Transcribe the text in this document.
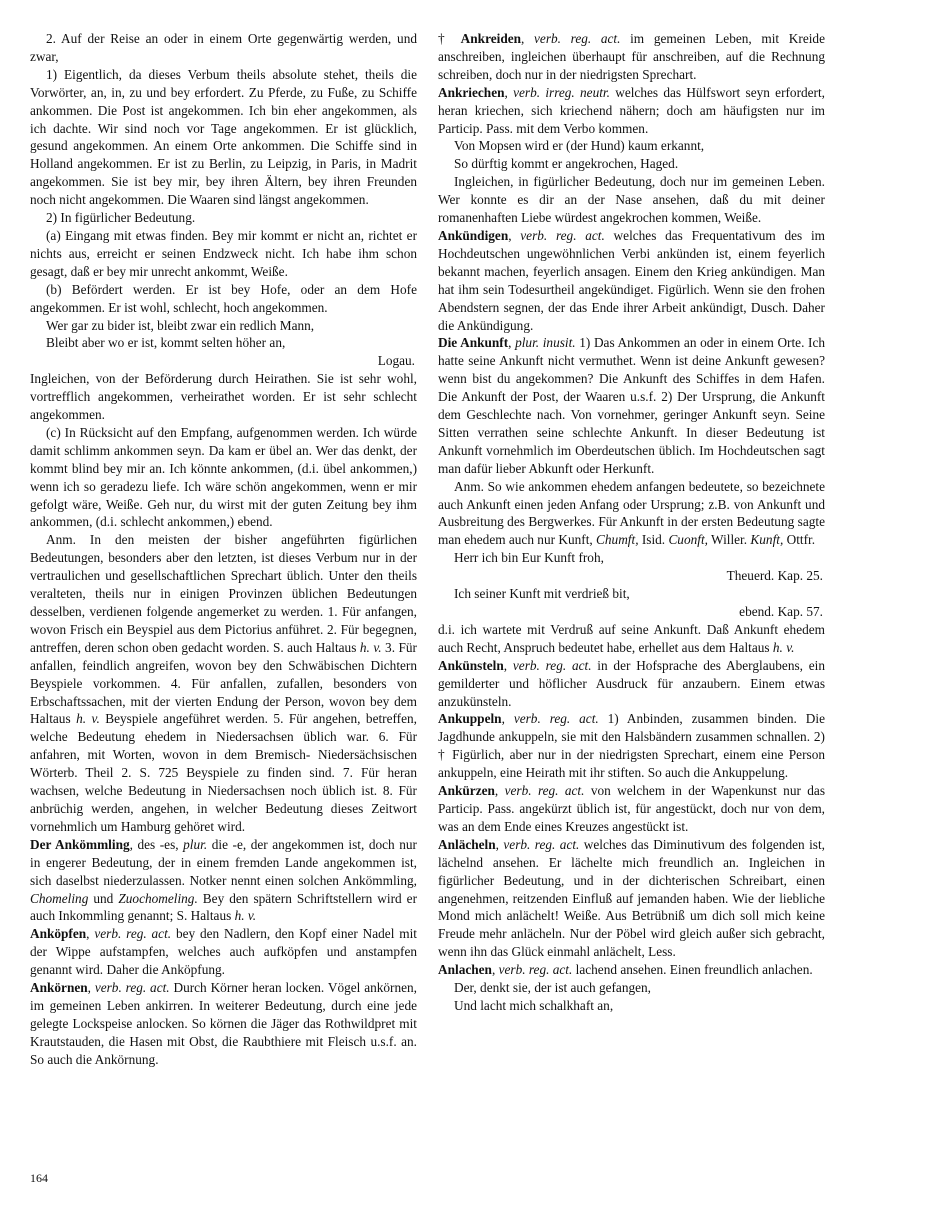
2. Auf der Reise an oder in einem Orte gegenwärtig werden, und zwar,

1) Eigentlich, da dieses Verbum theils absolute stehet, theils die Vorwörter, an, in, zu und bey erfordert. Zu Pferde, zu Fuße, zu Schiffe ankommen. Die Post ist angekommen. Ich bin eher angekommen, als ich dachte. Wir sind noch vor Tage angekommen. Er ist glücklich, gesund angekommen. An einem Orte ankommen. Die Schiffe sind in Holland angekommen. Er ist zu Berlin, zu Leipzig, in Paris, in Madrit angekommen. Sie ist bey mir, bey ihren Ältern, bey ihren Freunden noch nicht angekommen. Die Waaren sind längst angekommen.

2) In figürlicher Bedeutung.

(a) Eingang mit etwas finden. Bey mir kommt er nicht an, richtet er nichts aus, erreicht er seinen Endzweck nicht. Ich habe ihm schon gesagt, daß er bey mir unrecht ankommt, Weiße.

(b) Befördert werden. Er ist bey Hofe, oder an dem Hofe angekommen. Er ist wohl, schlecht, hoch angekommen.

Wer gar zu bider ist, bleibt zwar ein redlich Mann,

Bleibt aber wo er ist, kommt selten höher an,

Logau.

Ingleichen, von der Beförderung durch Heirathen. Sie ist sehr wohl, vortrefflich angekommen, verheirathet worden. Er ist sehr schlecht angekommen.

(c) In Rücksicht auf den Empfang, aufgenommen werden. Ich würde damit schlimm ankommen seyn. Da kam er übel an. Wer das denkt, der kommt blind bey mir an. Ich könnte ankommen, (d.i. übel ankommen,) wenn ich so geradezu liefe. Ich wäre schön angekommen, wenn er mir gefolgt wäre, Weiße. Geh nur, du wirst mit der guten Zeitung bey ihm ankommen, (d.i. schlecht ankommen,) ebend.

Anm. In den meisten der bisher angeführten figürlichen Bedeutungen, besonders aber den letzten, ist dieses Verbum nur in der vertraulichen und gesellschaftlichen Sprechart üblich. Unter den theils veralteten, theils nur in einigen Provinzen üblichen Bedeutungen desselben, verdienen folgende angemerket zu werden. 1. Für anfangen, wovon Frisch ein Beyspiel aus dem Pictorius anführet. 2. Für begegnen, antreffen, deren schon oben gedacht worden. S. auch Haltaus h. v. 3. Für anfallen, feindlich angreifen, wovon bey den Schwäbischen Dichtern Beyspiele vorkommen. 4. Für anfallen, zufallen, besonders von Erbschaftssachen, mit der vierten Endung der Person, wovon bey dem Haltaus h. v. Beyspiele angeführet werden. 5. Für angehen, betreffen, welche Bedeutung ehedem in Niedersachsen üblich war. 6. Für anfahren, mit Worten, wovon in dem Bremisch- Niedersächsischen Wörterb. Theil 2. S. 725 Beyspiele zu finden sind. 7. Für heran wachsen, welche Bedeutung in Niedersachsen noch üblich ist. 8. Für anbrüchig werden, angehen, in welcher Bedeutung dieses Zeitwort vornehmlich um Hamburg gehöret wird.

Der Ankömmling, des -es, plur. die -e, der angekommen ist, doch nur in engerer Bedeutung, der in einem fremden Lande angekommen ist, sich daselbst niederzulassen. Notker nennt einen solchen Ankömmling, Chomeling und Zuochomeling. Bey den spätern Schriftstellern wird er auch Inkommling genannt; S. Haltaus h. v.

Anköpfen, verb. reg. act. bey den Nadlern, den Kopf einer Nadel mit der Wippe aufstampfen, welches auch aufköpfen und anstampfen genannt wird. Daher die Anköpfung.

Ankörnen, verb. reg. act. Durch Körner heran locken. Vögel ankörnen, im gemeinen Leben ankirren. In weiterer Bedeutung, durch eine jede gelegte Lockspeise anlocken. So körnen die Jäger das Rothwildpret mit Krautstauden, die Hasen mit Obst, die Raubthiere mit Fleisch u.s.f. an. So auch die Ankörnung.

† Ankreiden, verb. reg. act. im gemeinen Leben, mit Kreide anschreiben, ingleichen überhaupt für anschreiben, auf die Rechnung schreiben, doch nur in der niedrigsten Sprechart.

Ankriechen, verb. irreg. neutr. welches das Hülfswort seyn erfordert, heran kriechen, sich kriechend nähern; doch am häufigsten nur im Particip. Pass. mit dem Verbo kommen.

Von Mopsen wird er (der Hund) kaum erkannt,

So dürftig kommt er angekrochen, Haged.

Ingleichen, in figürlicher Bedeutung, doch nur im gemeinen Leben. Wer konnte es dir an der Nase ansehen, daß du mit deiner romanenhaften Liebe würdest angekrochen kommen, Weiße.

Ankündigen, verb. reg. act. welches das Frequentativum des im Hochdeutschen ungewöhnlichen Verbi ankünden ist, einem feyerlich bekannt machen, feyerlich ansagen. Einem den Krieg ankündigen. Man hat ihm sein Todesurtheil angekündiget. Figürlich. Wenn sie den frohen Abendstern segnen, der das Ende ihrer Arbeit ankündigt, Dusch. Daher die Ankündigung.

Die Ankunft, plur. inusit. 1) Das Ankommen an oder in einem Orte. Ich hatte seine Ankunft nicht vermuthet. Wenn ist deine Ankunft gewesen? wenn bist du angekommen? Die Ankunft des Schiffes in dem Hafen. Die Ankunft der Post, der Waaren u.s.f. 2) Der Ursprung, die Ankunft dem Geschlechte nach. Von vornehmer, geringer Ankunft seyn. Seine Sitten verrathen seine schlechte Ankunft. In dieser Bedeutung ist Ankunft vornehmlich im Oberdeutschen üblich. Im Hochdeutschen sagt man dafür lieber Abkunft oder Herkunft.

Anm. So wie ankommen ehedem anfangen bedeutete, so bezeichnete auch Ankunft einen jeden Anfang oder Ursprung; z.B. von Ankunft und Ausbreitung des Bergwerkes. Für Ankunft in der ersten Bedeutung sagte man ehedem auch nur Kunft, Chumft, Isid. Cuonft, Willer. Kunft, Ottfr.

Herr ich bin Eur Kunft froh,

Theuerd. Kap. 25.

Ich seiner Kunft mit verdrieß bit,

ebend. Kap. 57.

d.i. ich wartete mit Verdruß auf seine Ankunft. Daß Ankunft ehedem auch Recht, Anspruch bedeutet habe, erhellet aus dem Haltaus h. v.

Ankünsteln, verb. reg. act. in der Hofsprache des Aberglaubens, ein gemilderter und höflicher Ausdruck für anzaubern. Einem etwas anzukünsteln.

Ankuppeln, verb. reg. act. 1) Anbinden, zusammen binden. Die Jagdhunde ankuppeln, sie mit den Halsbändern zusammen schnallen. 2) † Figürlich, aber nur in der niedrigsten Sprechart, einem eine Person ankuppeln, eine Heirath mit ihr stiften. So auch die Ankuppelung.

Ankürzen, verb. reg. act. von welchem in der Wapenkunst nur das Particip. Pass. angekürzt üblich ist, für angestückt, doch nur von dem, was an dem Ende eines Kreuzes angestückt ist.

Anlächeln, verb. reg. act. welches das Diminutivum des folgenden ist, lächelnd ansehen. Er lächelte mich freundlich an. Ingleichen in figürlicher Bedeutung, und in der dichterischen Schreibart, einen angenehmen, reitzenden Einfluß auf jemanden haben. Wie der liebliche Mond mich anlächelt! Weiße. Aus Betrübniß um dich soll mich keine Freude mehr anlächeln. Nur der Pöbel wird gleich außer sich gebracht, wenn ihn das Glück einmahl anlächelt, Less.

Anlachen, verb. reg. act. lachend ansehen. Einen freundlich anlachen.

Der, denkt sie, der ist auch gefangen,

Und lacht mich schalkhaft an,

164
